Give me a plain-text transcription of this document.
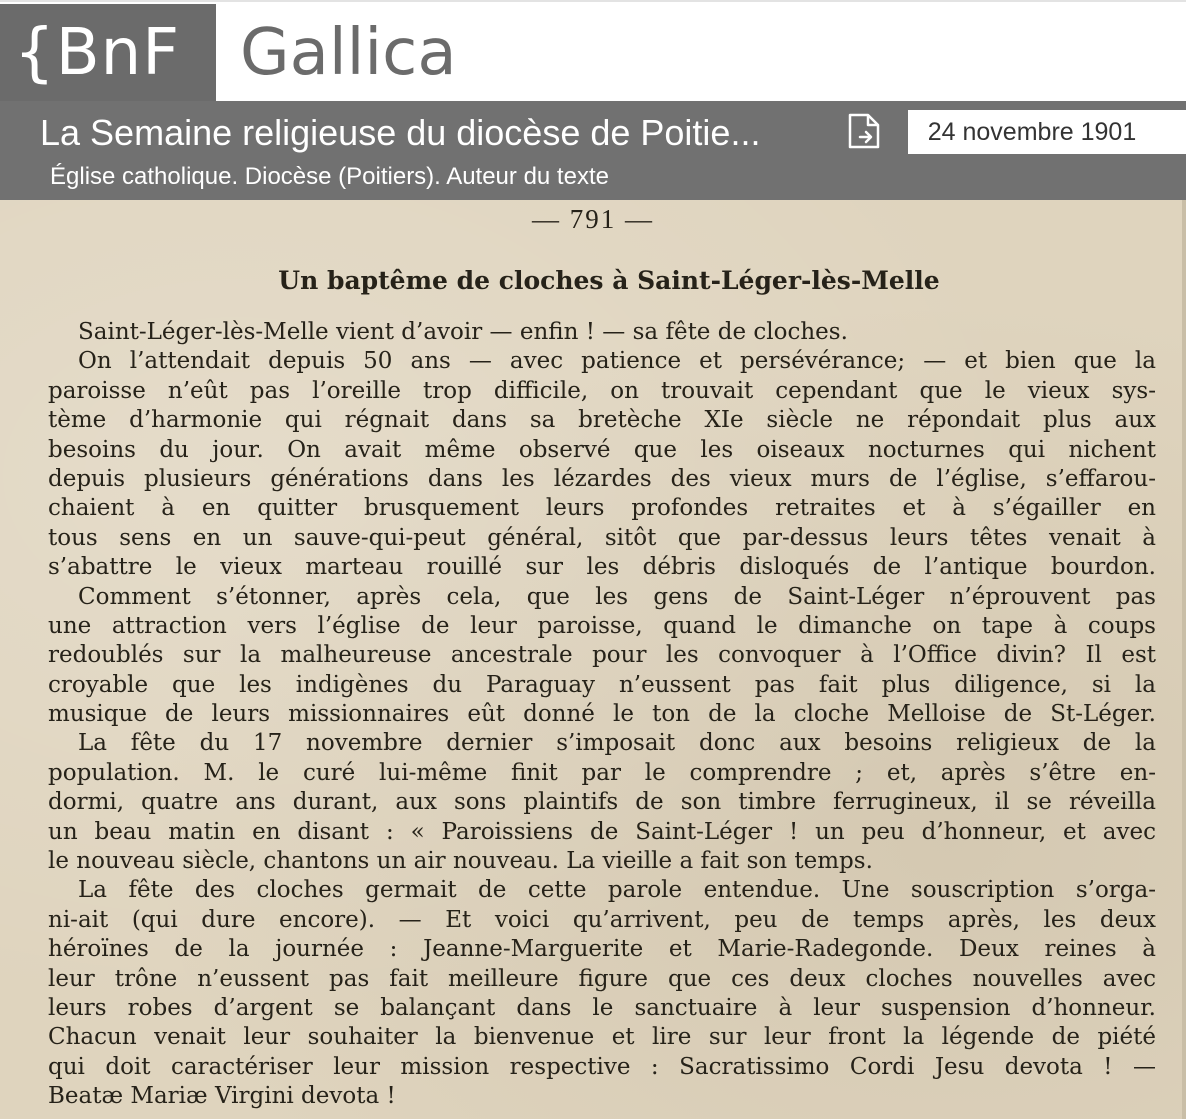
{BnF Gallica
La Semaine religieuse du diocèse de Poitie...
Église catholique. Diocèse (Poitiers). Auteur du texte
24 novembre 1901
— 791 —
Un baptême de cloches à Saint-Léger-lès-Melle
Saint-Léger-lès-Melle vient d’avoir — enfin ! — sa fête de cloches.
On l’attendait depuis 50 ans — avec patience et persévérance; — et bien que la
paroisse n’eût pas l’oreille trop difficile, on trouvait cependant que le vieux sys-
tème d’harmonie qui régnait dans sa bretèche XIe siècle ne répondait plus aux
besoins du jour. On avait même observé que les oiseaux nocturnes qui nichent
depuis plusieurs générations dans les lézardes des vieux murs de l’église, s’effarou-
chaient à en quitter brusquement leurs profondes retraites et à s’égailler en
tous sens en un sauve-qui-peut général, sitôt que par-dessus leurs têtes venait à
s’abattre le vieux marteau rouillé sur les débris disloqués de l’antique bourdon.
Comment s’étonner, après cela, que les gens de Saint-Léger n’éprouvent pas
une attraction vers l’église de leur paroisse, quand le dimanche on tape à coups
redoublés sur la malheureuse ancestrale pour les convoquer à l’Office divin? Il est
croyable que les indigènes du Paraguay n’eussent pas fait plus diligence, si la
musique de leurs missionnaires eût donné le ton de la cloche Melloise de St-Léger.
La fête du 17 novembre dernier s’imposait donc aux besoins religieux de la
population. M. le curé lui-même finit par le comprendre ; et, après s’être en-
dormi, quatre ans durant, aux sons plaintifs de son timbre ferrugineux, il se réveilla
un beau matin en disant : « Paroissiens de Saint-Léger ! un peu d’honneur, et avec
le nouveau siècle, chantons un air nouveau. La vieille a fait son temps.
La fête des cloches germait de cette parole entendue. Une souscription s’orga-
ni-ait (qui dure encore). — Et voici qu’arrivent, peu de temps après, les deux
héroïnes de la journée : Jeanne-Marguerite et Marie-Radegonde. Deux reines à
leur trône n’eussent pas fait meilleure figure que ces deux cloches nouvelles avec
leurs robes d’argent se balançant dans le sanctuaire à leur suspension d’honneur.
Chacun venait leur souhaiter la bienvenue et lire sur leur front la légende de piété
qui doit caractériser leur mission respective : Sacratissimo Cordi Jesu devota ! —
Beatæ Mariæ Virgini devota !
